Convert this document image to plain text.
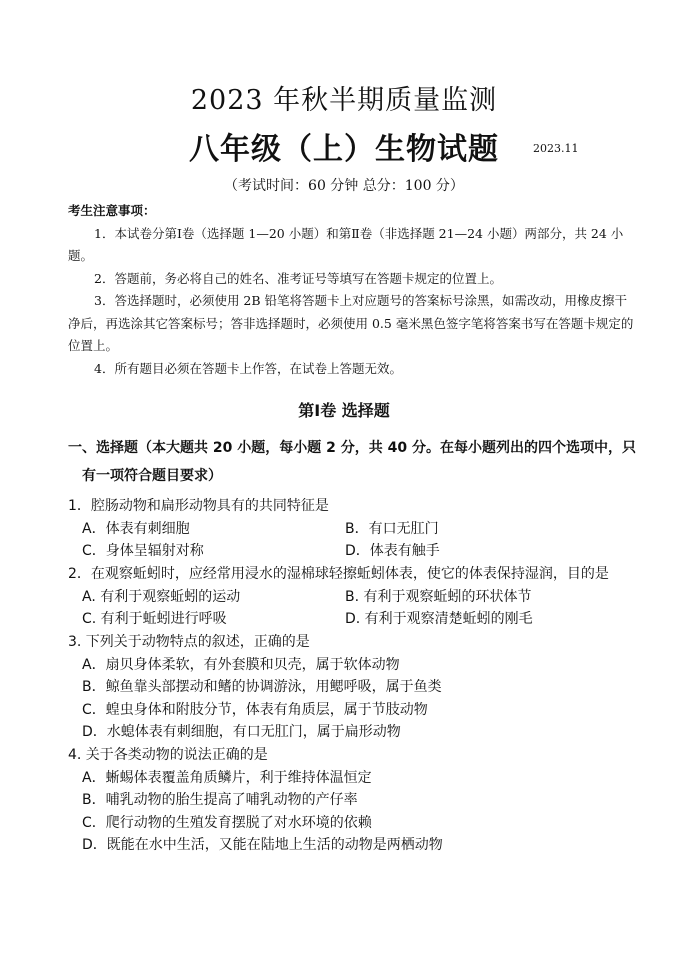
2023 年秋半期质量监测
八年级（上）生物试题	2023.11
（考试时间：60 分钟 总分：100 分）

考生注意事项：

1．本试卷分第Ⅰ卷（选择题 1—20 小题）和第Ⅱ卷（非选择题 21—24 小题）两部分，共 24 小题。

2．答题前，务必将自己的姓名、准考证号等填写在答题卡规定的位置上。

3．答选择题时，必须使用 2B 铅笔将答题卡上对应题号的答案标号涂黑，如需改动，用橡皮擦干净后，再选涂其它答案标号；答非选择题时，必须使用 0.5 毫米黑色签字笔将答案书写在答题卡规定的位置上。

4．所有题目必须在答题卡上作答，在试卷上答题无效。

第Ⅰ卷 选择题
一、选择题（本大题共 20 小题，每小题 2 分，共 40 分。在每小题列出的四个选项中，只
有一项符合题目要求）

1．腔肠动物和扁形动物具有的共同特征是

A．体表有刺细胞	B．有口无肛门
C．身体呈辐射对称	D．体表有触手

2．在观察蚯蚓时，应经常用浸水的湿棉球轻擦蚯蚓体表，使它的体表保持湿润，目的是

A. 有利于观察蚯蚓的运动	B. 有利于观察蚯蚓的环状体节
C. 有利于蚯蚓进行呼吸	D. 有利于观察清楚蚯蚓的刚毛

3. 下列关于动物特点的叙述，正确的是

A．扇贝身体柔软，有外套膜和贝壳，属于软体动物
B．鲸鱼靠头部摆动和鳍的协调游泳，用鳃呼吸，属于鱼类
C．蝗虫身体和附肢分节，体表有角质层，属于节肢动物
D．水螅体表有刺细胞，有口无肛门，属于扁形动物

4. 关于各类动物的说法正确的是

A．蜥蜴体表覆盖角质鳞片，利于维持体温恒定
B．哺乳动物的胎生提高了哺乳动物的产仔率
C．爬行动物的生殖发育摆脱了对水环境的依赖
D．既能在水中生活，又能在陆地上生活的动物是两栖动物
